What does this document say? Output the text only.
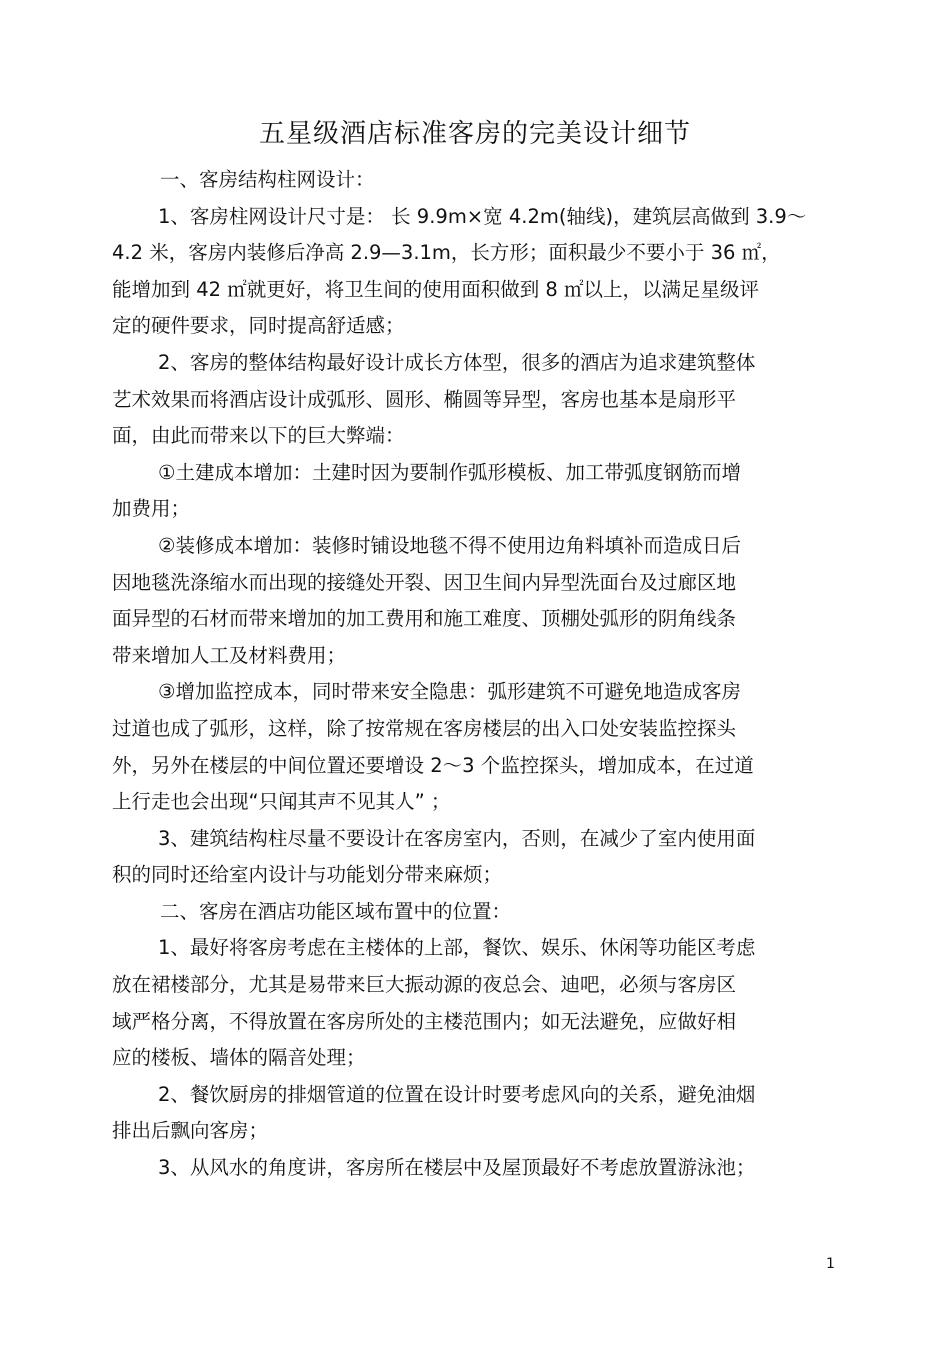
五星级酒店标准客房的完美设计细节
一、客房结构柱网设计：
1、客房柱网设计尺寸是： 长 9.9m×宽 4.2m(轴线)，建筑层高做到 3.9～
4.2 米，客房内装修后净高 2.9—3.1m，长方形；面积最少不要小于 36 ㎡，
能增加到 42 ㎡就更好，将卫生间的使用面积做到 8 ㎡以上，以满足星级评
定的硬件要求，同时提高舒适感；
2、客房的整体结构最好设计成长方体型，很多的酒店为追求建筑整体
艺术效果而将酒店设计成弧形、圆形、椭圆等异型，客房也基本是扇形平
面，由此而带来以下的巨大弊端：
①土建成本增加：土建时因为要制作弧形模板、加工带弧度钢筋而增
加费用；
②装修成本增加：装修时铺设地毯不得不使用边角料填补而造成日后
因地毯洗涤缩水而出现的接缝处开裂、因卫生间内异型洗面台及过廊区地
面异型的石材而带来增加的加工费用和施工难度、顶棚处弧形的阴角线条
带来增加人工及材料费用；
③增加监控成本，同时带来安全隐患：弧形建筑不可避免地造成客房
过道也成了弧形，这样，除了按常规在客房楼层的出入口处安装监控探头
外，另外在楼层的中间位置还要增设 2～3 个监控探头，增加成本，在过道
上行走也会出现“只闻其声不见其人” ；
3、建筑结构柱尽量不要设计在客房室内，否则，在减少了室内使用面
积的同时还给室内设计与功能划分带来麻烦；
二、客房在酒店功能区域布置中的位置：
1、最好将客房考虑在主楼体的上部，餐饮、娱乐、休闲等功能区考虑
放在裙楼部分，尤其是易带来巨大振动源的夜总会、迪吧，必须与客房区
域严格分离，不得放置在客房所处的主楼范围内；如无法避免，应做好相
应的楼板、墙体的隔音处理；
2、餐饮厨房的排烟管道的位置在设计时要考虑风向的关系，避免油烟
排出后飘向客房；
3、从风水的角度讲，客房所在楼层中及屋顶最好不考虑放置游泳池；
1
